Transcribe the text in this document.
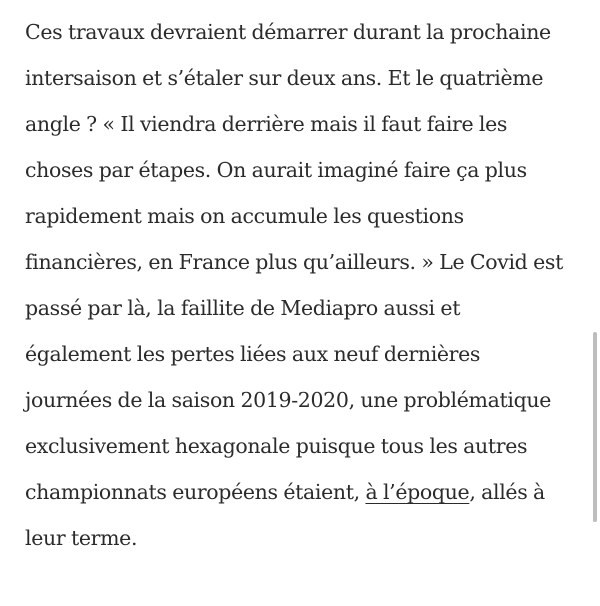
Ces travaux devraient démarrer durant la prochaine intersaison et s’étaler sur deux ans. Et le quatrième angle ? « Il viendra derrière mais il faut faire les choses par étapes. On aurait imaginé faire ça plus rapidement mais on accumule les questions financières, en France plus qu’ailleurs. » Le Covid est passé par là, la faillite de Mediapro aussi et également les pertes liées aux neuf dernières journées de la saison 2019-2020, une problématique exclusivement hexagonale puisque tous les autres championnats européens étaient, à l’époque, allés à leur terme.
